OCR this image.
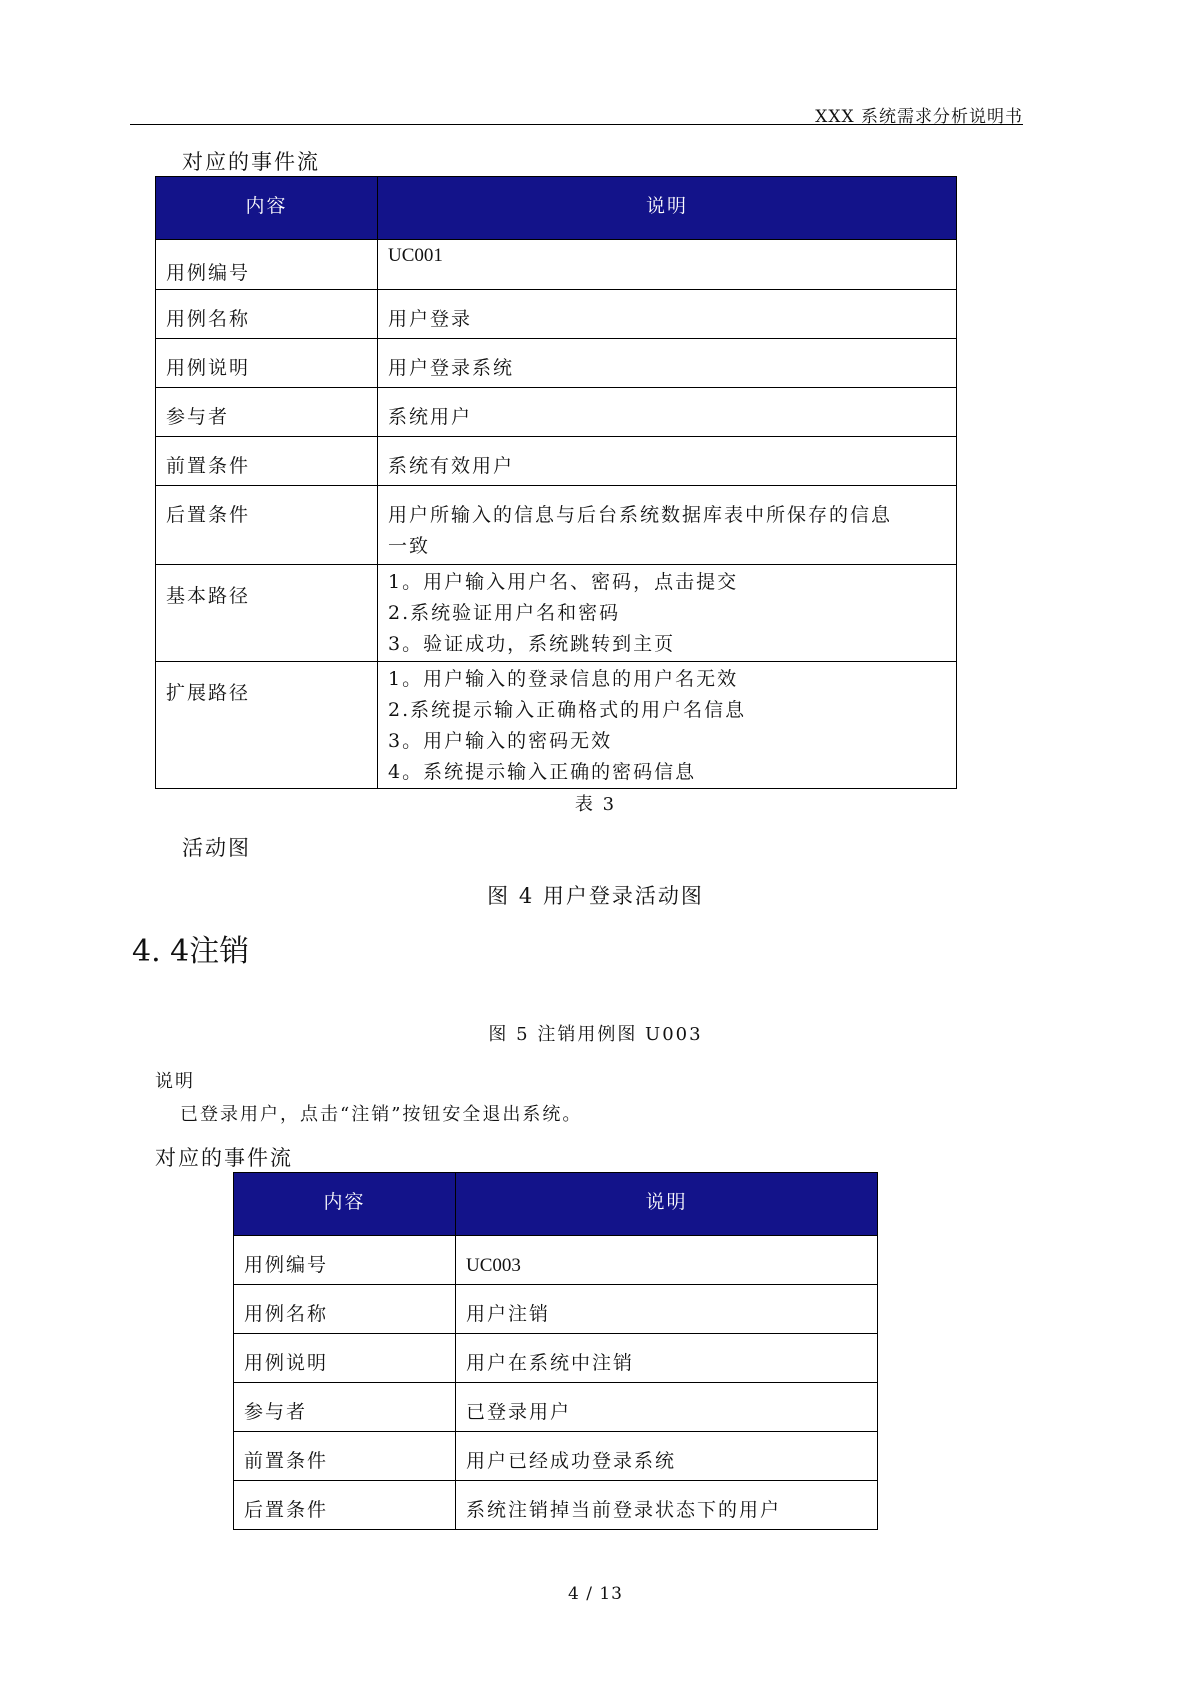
XXX 系统需求分析说明书
对应的事件流
内容	说明

用例编号	UC001

用例名称	用户登录

用例说明	用户登录系统

参与者	系统用户

前置条件	系统有效用户

后置条件	用户所输入的信息与后台系统数据库表中所保存的信息
一致

基本路径	1。用户输入用户名、密码，点击提交
2.系统验证用户名和密码
3。验证成功，系统跳转到主页

扩展路径	1。用户输入的登录信息的用户名无效
2.系统提示输入正确格式的用户名信息
3。用户输入的密码无效
4。系统提示输入正确的密码信息
表 3
活动图
图 4 用户登录活动图
4. 4注销
图 5 注销用例图 U003
说明
已登录用户，点击“注销”按钮安全退出系统。
对应的事件流
内容	说明

用例编号	UC003

用例名称	用户注销

用例说明	用户在系统中注销

参与者	已登录用户

前置条件	用户已经成功登录系统

后置条件	系统注销掉当前登录状态下的用户
4 / 13
